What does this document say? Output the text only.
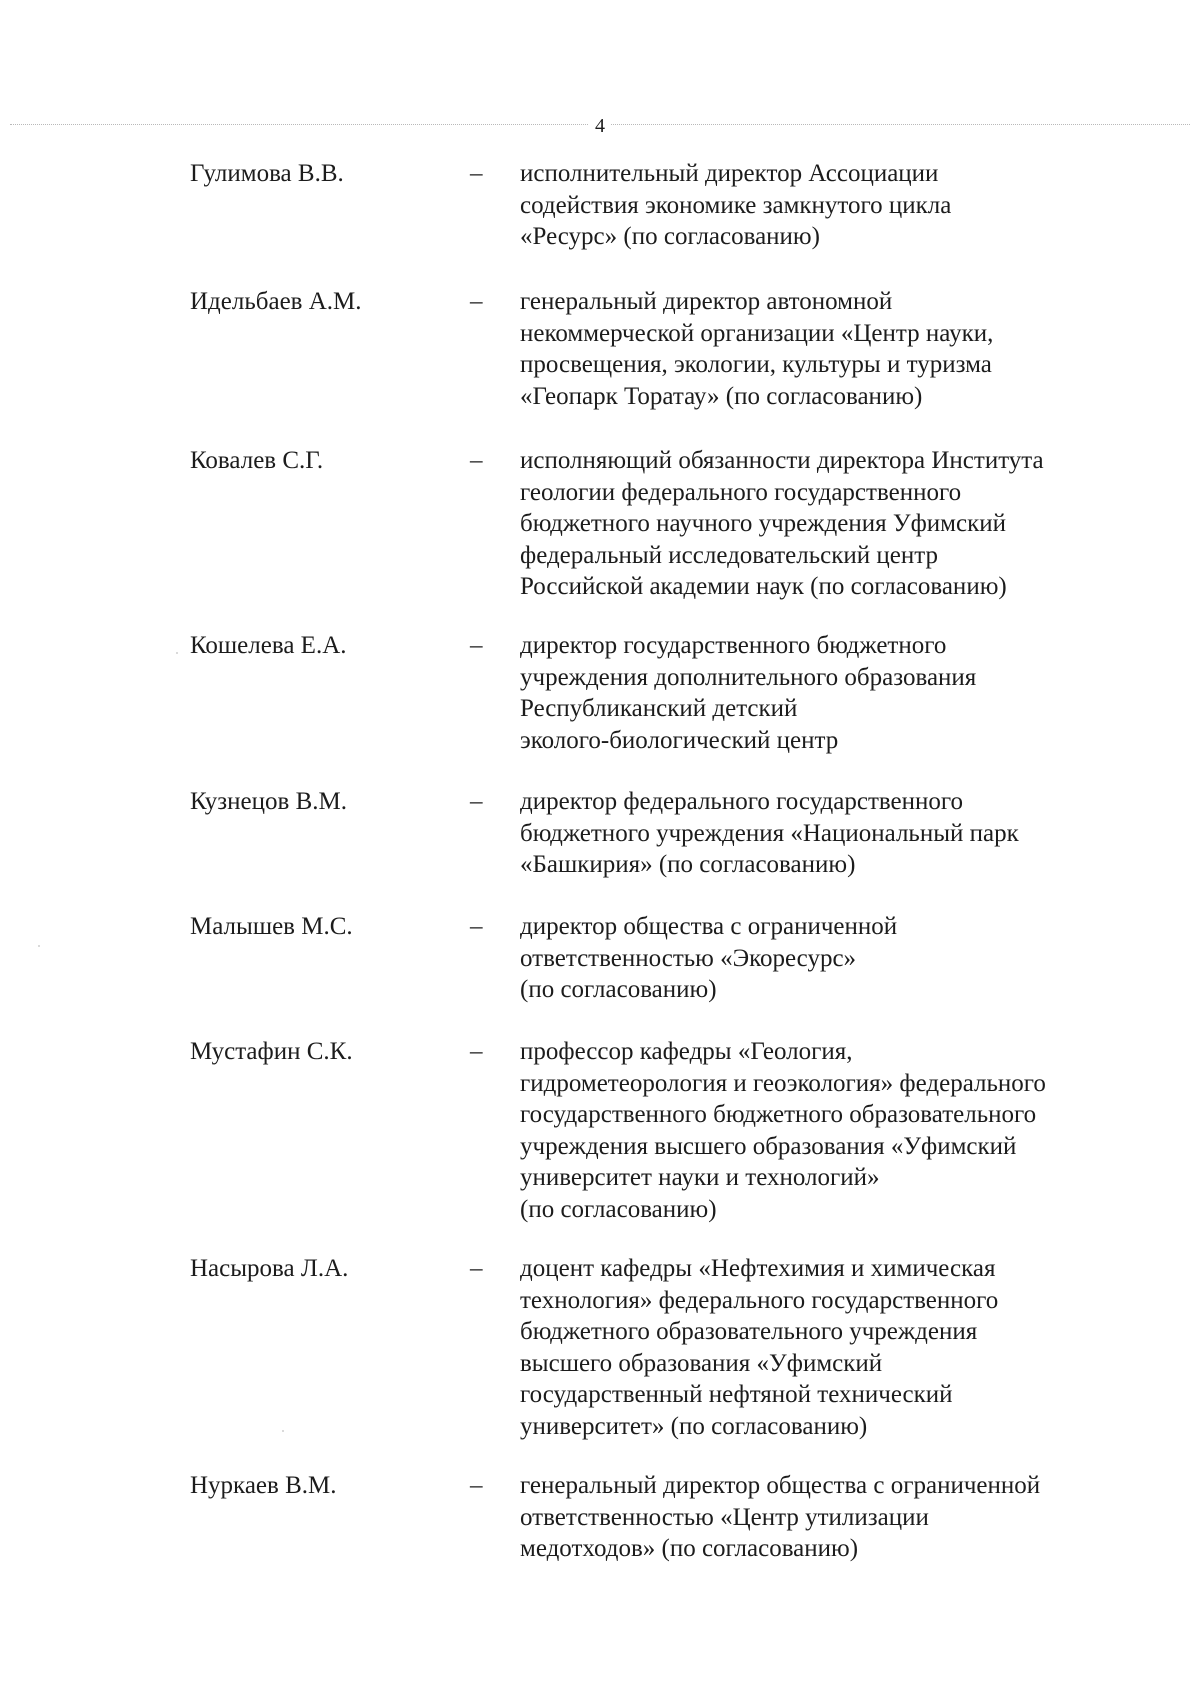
4
Гулимова В.В.	– исполнительный директор Ассоциации
содействия экономике замкнутого цикла
«Ресурс» (по согласованию)
Идельбаев А.М.	– генеральный директор автономной
некоммерческой организации «Центр науки,
просвещения, экологии, культуры и туризма
«Геопарк Торатау» (по согласованию)
Ковалев С.Г.	– исполняющий обязанности директора Института
геологии федерального государственного
бюджетного научного учреждения Уфимский
федеральный исследовательский центр
Российской академии наук (по согласованию)
Кошелева Е.А.	– директор государственного бюджетного
учреждения дополнительного образования
Республиканский детский
эколого-биологический центр
Кузнецов В.М.	– директор федерального государственного
бюджетного учреждения «Национальный парк
«Башкирия» (по согласованию)
Малышев М.С.	– директор общества с ограниченной
ответственностью «Экоресурс»
(по согласованию)
Мустафин С.К.	– профессор кафедры «Геология,
гидрометеорология и геоэкология» федерального
государственного бюджетного образовательного
учреждения высшего образования «Уфимский
университет науки и технологий»
(по согласованию)
Насырова Л.А.	– доцент кафедры «Нефтехимия и химическая
технология» федерального государственного
бюджетного образовательного учреждения
высшего образования «Уфимский
государственный нефтяной технический
университет» (по согласованию)
Нуркаев В.М.	– генеральный директор общества с ограниченной
ответственностью «Центр утилизации
медотходов» (по согласованию)
